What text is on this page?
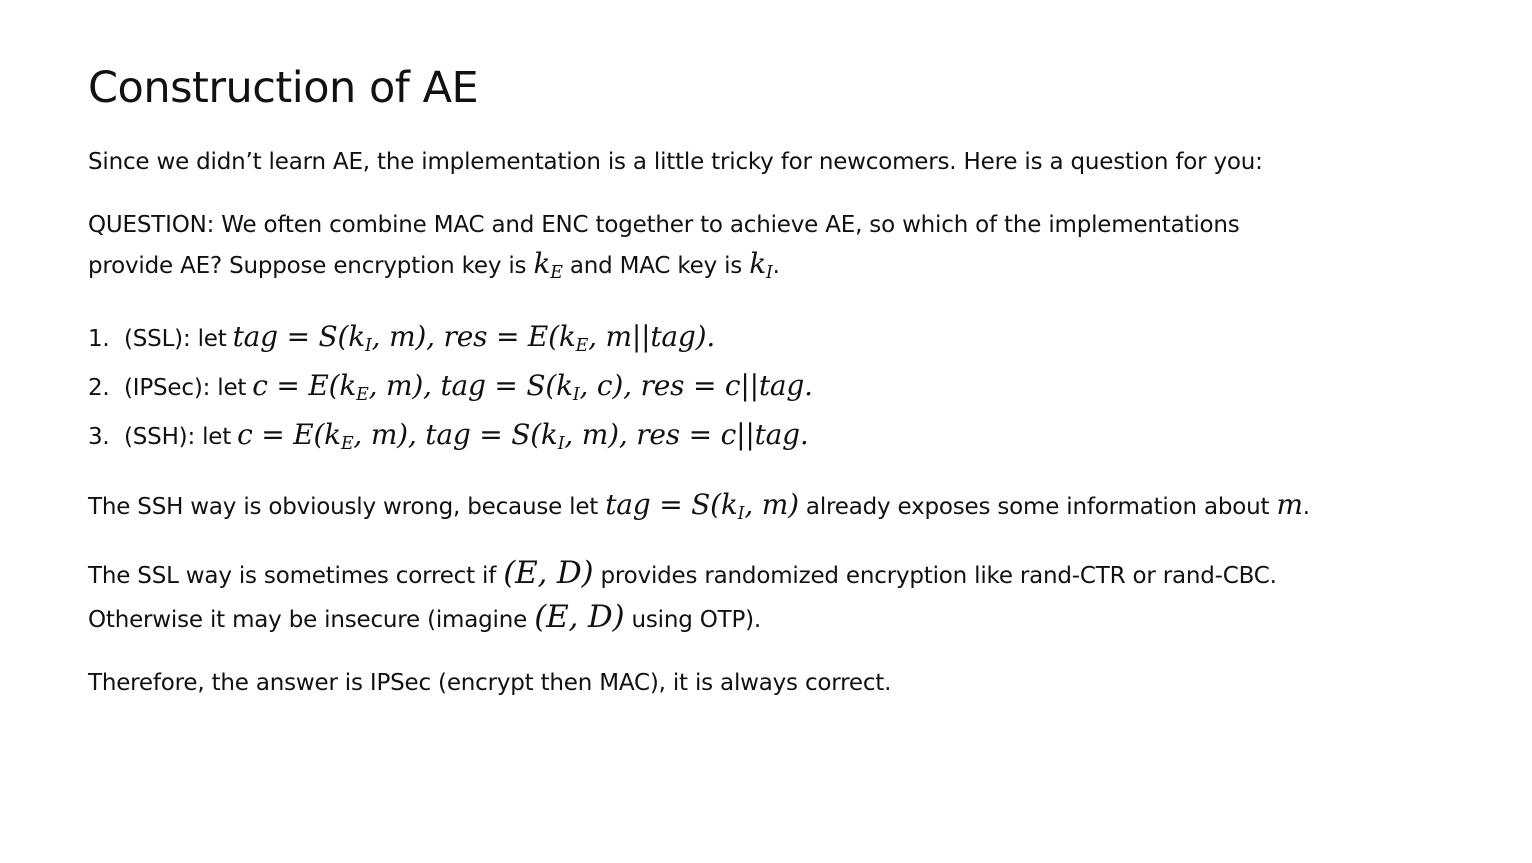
Construction of AE

Since we didn’t learn AE, the implementation is a little tricky for newcomers. Here is a question for you:

QUESTION: We often combine MAC and ENC together to achieve AE, so which of the implementations

provide AE? Suppose encryption key is $k_E$ and MAC key is $k_I$.

1. (SSL): let tag = $S(k_I$, m), res = $E(k_E$, m||tag).
2. (IPSec): let $c = E(k_E$, m), tag = $S(k_I$, c), res = c||tag.
3. (SSH): let $c = E(k_E$, m), tag = $S(k_I$, m), res = c||tag.

The SSH way is obviously wrong, because let tag = $S(k_I$, m) already exposes some information about m.

The SSL way is sometimes correct if (E, D) provides randomized encryption like rand-CTR or rand-CBC.

Otherwise it may be insecure (imagine (E, D) using OTP).

Therefore, the answer is IPSec (encrypt then MAC), it is always correct.
